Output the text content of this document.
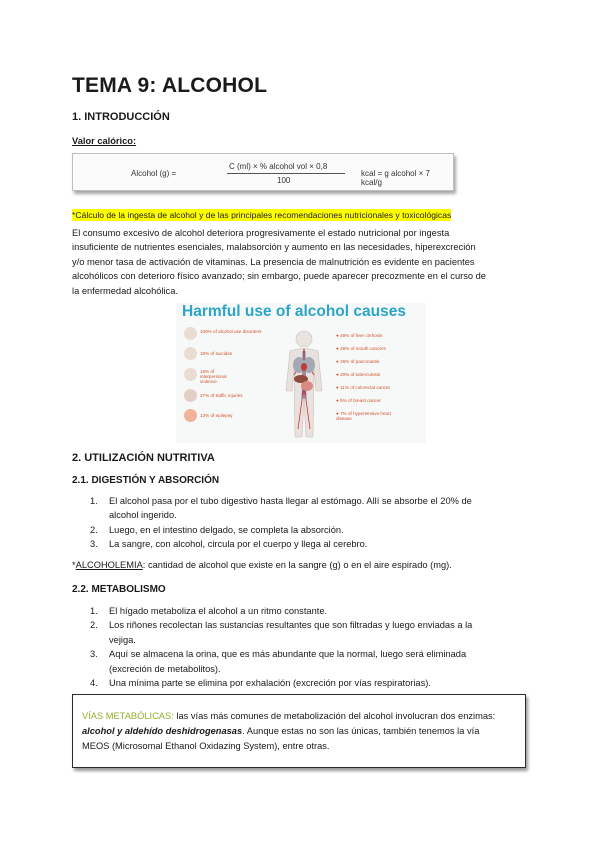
TEMA 9: ALCOHOL
1. INTRODUCCIÓN
Valor calórico:
Alcohol (g) =
C (ml) × % alcohol vol × 0,8
100
kcal = g alcohol × 7 kcal/g
*Cálculo de la ingesta de alcohol y de las principales recomendaciones nutricionales y toxicológicas
El consumo excesivo de alcohol deteriora progresivamente el estado nutricional por ingesta
insuficiente de nutrientes esenciales, malabsorción y aumento en las necesidades, hiperexcreción
y/o menor tasa de activación de vitaminas. La presencia de malnutrición es evidente en pacientes
alcohólicos con deterioro físico avanzado; sin embargo, puede aparecer precozmente en el curso de
la enfermedad alcohólica.
Harmful use of alcohol causes
100% of alcohol use disorders
18% of suicides
18% of interpersonal violence
27% of traffic injuries
13% of epilepsy
● 48% of liver cirrhosis
● 26% of mouth cancers
● 26% of pancreatitis
● 20% of tuberculosis
● 11% of colorectal cancer
● 5% of breast cancer
● 7% of hypertensive heart disease
2. UTILIZACIÓN NUTRITIVA
2.1. DIGESTIÓN Y ABSORCIÓN
1. El alcohol pasa por el tubo digestivo hasta llegar al estómago. Allí se absorbe el 20% de
alcohol ingerido.
2. Luego, en el intestino delgado, se completa la absorción.
3. La sangre, con alcohol, circula por el cuerpo y llega al cerebro.
*ALCOHOLEMIA: cantidad de alcohol que existe en la sangre (g) o en el aire espirado (mg).
2.2. METABOLISMO
1. El hígado metaboliza el alcohol a un ritmo constante.
2. Los riñones recolectan las sustancias resultantes que son filtradas y luego enviadas a la
vejiga.
3. Aquí se almacena la orina, que es más abundante que la normal, luego será eliminada
(excreción de metabolitos).
4. Una mínima parte se elimina por exhalación (excreción por vías respiratorias).
VÍAS METABÓLICAS: las vías más comunes de metabolización del alcohol involucran dos enzimas:
alcohol y aldehído deshidrogenasas. Aunque estas no son las únicas, también tenemos la vía
MEOS (Microsomal Ethanol Oxidazing System), entre otras.
